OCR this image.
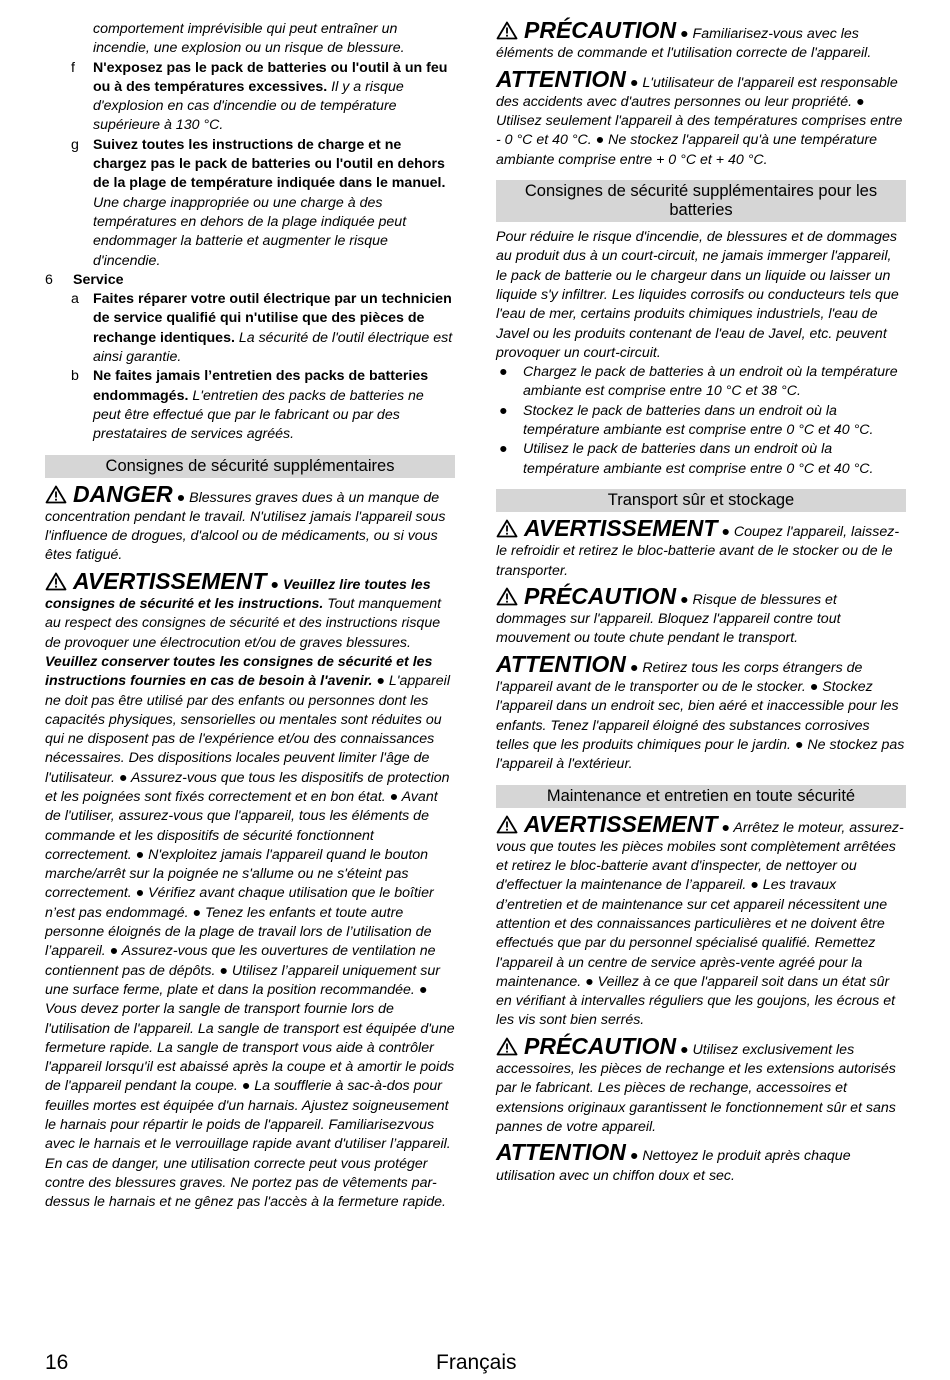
comportement imprévisible qui peut entraîner un incendie, une explosion ou un risque de blessure.
f N'exposez pas le pack de batteries ou l'outil à un feu ou à des températures excessives. Il y a risque d'explosion en cas d'incendie ou de température supérieure à 130 °C.
g Suivez toutes les instructions de charge et ne chargez pas le pack de batteries ou l'outil en dehors de la plage de température indiquée dans le manuel. Une charge inappropriée ou une charge à des températures en dehors de la plage indiquée peut endommager la batterie et augmenter le risque d'incendie.
6 Service
a Faites réparer votre outil électrique par un technicien de service qualifié qui n'utilise que des pièces de rechange identiques. La sécurité de l'outil électrique est ainsi garantie.
b Ne faites jamais l’entretien des packs de batteries endommagés. L'entretien des packs de batteries ne peut être effectué que par le fabricant ou par des prestataires de services agréés.
Consignes de sécurité supplémentaires

DANGER ● Blessures graves dues à un manque de concentration pendant le travail. N'utilisez jamais l'appareil sous l'influence de drogues, d'alcool ou de médicaments, ou si vous êtes fatigué.

AVERTISSEMENT ● Veuillez lire toutes les consignes de sécurité et les instructions. Tout manquement au respect des consignes de sécurité et des instructions risque de provoquer une électrocution et/ou de graves blessures. Veuillez conserver toutes les consignes de sécurité et les instructions fournies en cas de besoin à l'avenir. ● L'appareil ne doit pas être utilisé par des enfants ou personnes dont les capacités physiques, sensorielles ou mentales sont réduites ou qui ne disposent pas de l'expérience et/ou des connaissances nécessaires. Des dispositions locales peuvent limiter l'âge de l'utilisateur. ● Assurez-vous que tous les dispositifs de protection et les poignées sont fixés correctement et en bon état. ● Avant de l'utiliser, assurez-vous que l'appareil, tous les éléments de commande et les dispositifs de sécurité fonctionnent correctement. ● N'exploitez jamais l'appareil quand le bouton marche/arrêt sur la poignée ne s'allume ou ne s'éteint pas correctement. ● Vérifiez avant chaque utilisation que le boîtier n’est pas endommagé. ● Tenez les enfants et toute autre personne éloignés de la plage de travail lors de l’utilisation de l’appareil. ● Assurez-vous que les ouvertures de ventilation ne contiennent pas de dépôts. ● Utilisez l’appareil uniquement sur une surface ferme, plate et dans la position recommandée. ● Vous devez porter la sangle de transport fournie lors de l'utilisation de l'appareil. La sangle de transport est équipée d'une fermeture rapide. La sangle de transport vous aide à contrôler l'appareil lorsqu'il est abaissé après la coupe et à amortir le poids de l'appareil pendant la coupe. ● La soufflerie à sac-à-dos pour feuilles mortes est équipée d'un harnais. Ajustez soigneusement le harnais pour répartir le poids de l'appareil. Familiarisezvous avec le harnais et le verrouillage rapide avant d'utiliser l’appareil. En cas de danger, une utilisation correcte peut vous protéger contre des blessures graves. Ne portez pas de vêtements par-dessus le harnais et ne gênez pas l'accès à la fermeture rapide.

PRÉCAUTION ● Familiarisez-vous avec les éléments de commande et l'utilisation correcte de l'appareil.

ATTENTION ● L'utilisateur de l'appareil est responsable des accidents avec d'autres personnes ou leur propriété. ● Utilisez seulement l'appareil à des températures comprises entre - 0 °C et 40 °C. ● Ne stockez l'appareil qu'à une température ambiante comprise entre + 0 °C et + 40 °C.

Consignes de sécurité supplémentaires pour les batteries

Pour réduire le risque d'incendie, de blessures et de dommages au produit dus à un court-circuit, ne jamais immerger l'appareil, le pack de batterie ou le chargeur dans un liquide ou laisser un liquide s'y infiltrer. Les liquides corrosifs ou conducteurs tels que l'eau de mer, certains produits chimiques industriels, l'eau de Javel ou les produits contenant de l'eau de Javel, etc. peuvent provoquer un court-circuit.

● Chargez le pack de batteries à un endroit où la température ambiante est comprise entre 10 °C et 38 °C.
● Stockez le pack de batteries dans un endroit où la température ambiante est comprise entre 0 °C et 40 °C.
● Utilisez le pack de batteries dans un endroit où la température ambiante est comprise entre 0 °C et 40 °C.
Transport sûr et stockage

AVERTISSEMENT ● Coupez l'appareil, laissez-le refroidir et retirez le bloc-batterie avant de le stocker ou de le transporter.

PRÉCAUTION ● Risque de blessures et dommages sur l'appareil. Bloquez l'appareil contre tout mouvement ou toute chute pendant le transport.

ATTENTION ● Retirez tous les corps étrangers de l'appareil avant de le transporter ou de le stocker. ● Stockez l'appareil dans un endroit sec, bien aéré et inaccessible pour les enfants. Tenez l'appareil éloigné des substances corrosives telles que les produits chimiques pour le jardin. ● Ne stockez pas l'appareil à l'extérieur.

Maintenance et entretien en toute sécurité

AVERTISSEMENT ● Arrêtez le moteur, assurez-vous que toutes les pièces mobiles sont complètement arrêtées et retirez le bloc-batterie avant d'inspecter, de nettoyer ou d'effectuer la maintenance de l’appareil. ● Les travaux d’entretien et de maintenance sur cet appareil nécessitent une attention et des connaissances particulières et ne doivent être effectués que par du personnel spécialisé qualifié. Remettez l'appareil à un centre de service après-vente agréé pour la maintenance. ● Veillez à ce que l'appareil soit dans un état sûr en vérifiant à intervalles réguliers que les goujons, les écrous et les vis sont bien serrés.

PRÉCAUTION ● Utilisez exclusivement les accessoires, les pièces de rechange et les extensions autorisés par le fabricant. Les pièces de rechange, accessoires et extensions originaux garantissent le fonctionnement sûr et sans pannes de votre appareil.

ATTENTION ● Nettoyez le produit après chaque utilisation avec un chiffon doux et sec.

16	Français
